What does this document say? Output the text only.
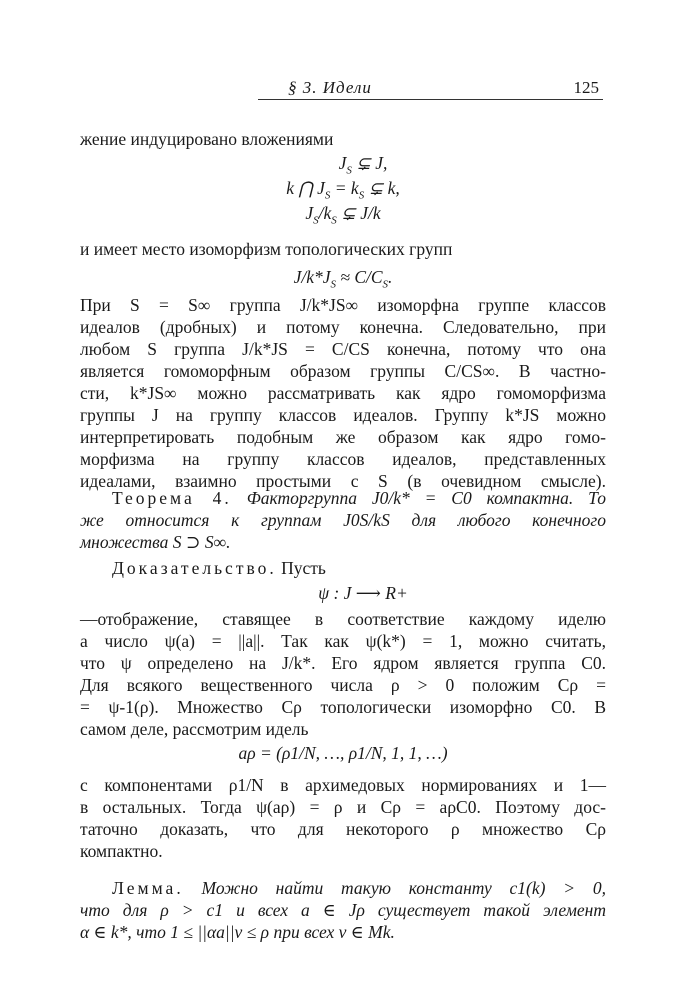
§ 3. Идели	125
жение индуцировано вложениями
$J_S$ ⊊ J,
k ⋂ $J_S = k_S$ ⊊ k,
$J_S/k_S$ ⊊ J/k
и имеет место изоморфизм топологических групп
$J/k*J_S \approx C/C_S$.
При S = S∞ группа J/k*JS∞ изоморфна группе классов
идеалов (дробных) и потому конечна. Следовательно, при
любом S группа J/k*JS = C/CS конечна, потому что она
является гомоморфным образом группы C/CS∞. В частно-
сти, k*JS∞ можно рассматривать как ядро гомоморфизма
группы J на группу классов идеалов. Группу k*JS можно
интерпретировать подобным же образом как ядро гомо-
морфизма на группу классов идеалов, представленных
идеалами, взаимно простыми с S (в очевидном смысле).
Теорема 4. Факторгруппа J0/k* = C0 компактна. То
же относится к группам J0S/kS для любого конечного
множества S ⊃ S∞.
Доказательство. Пусть
ψ : J ⟶ R+
—отображение, ставящее в соответствие каждому иделю
a число ψ(a) = ||a||. Так как ψ(k*) = 1, можно считать,
что ψ определено на J/k*. Его ядром является группа C0.
Для всякого вещественного числа ρ > 0 положим Cρ =
= ψ-1(ρ). Множество Cρ топологически изоморфно C0. В
самом деле, рассмотрим идель
aρ = (ρ1/N, …, ρ1/N, 1, 1, …)
с компонентами ρ1/N в архимедовых нормированиях и 1—
в остальных. Тогда ψ(aρ) = ρ и Cρ = aρC0. Поэтому дос-
таточно доказать, что для некоторого ρ множество Cρ
компактно.
Лемма. Можно найти такую константу c1(k) > 0,
что для ρ > c1 и всех a ∈ Jρ существует такой элемент
α ∈ k*, что 1 ≤ ||αa||v ≤ ρ при всех v ∈ Mk.
